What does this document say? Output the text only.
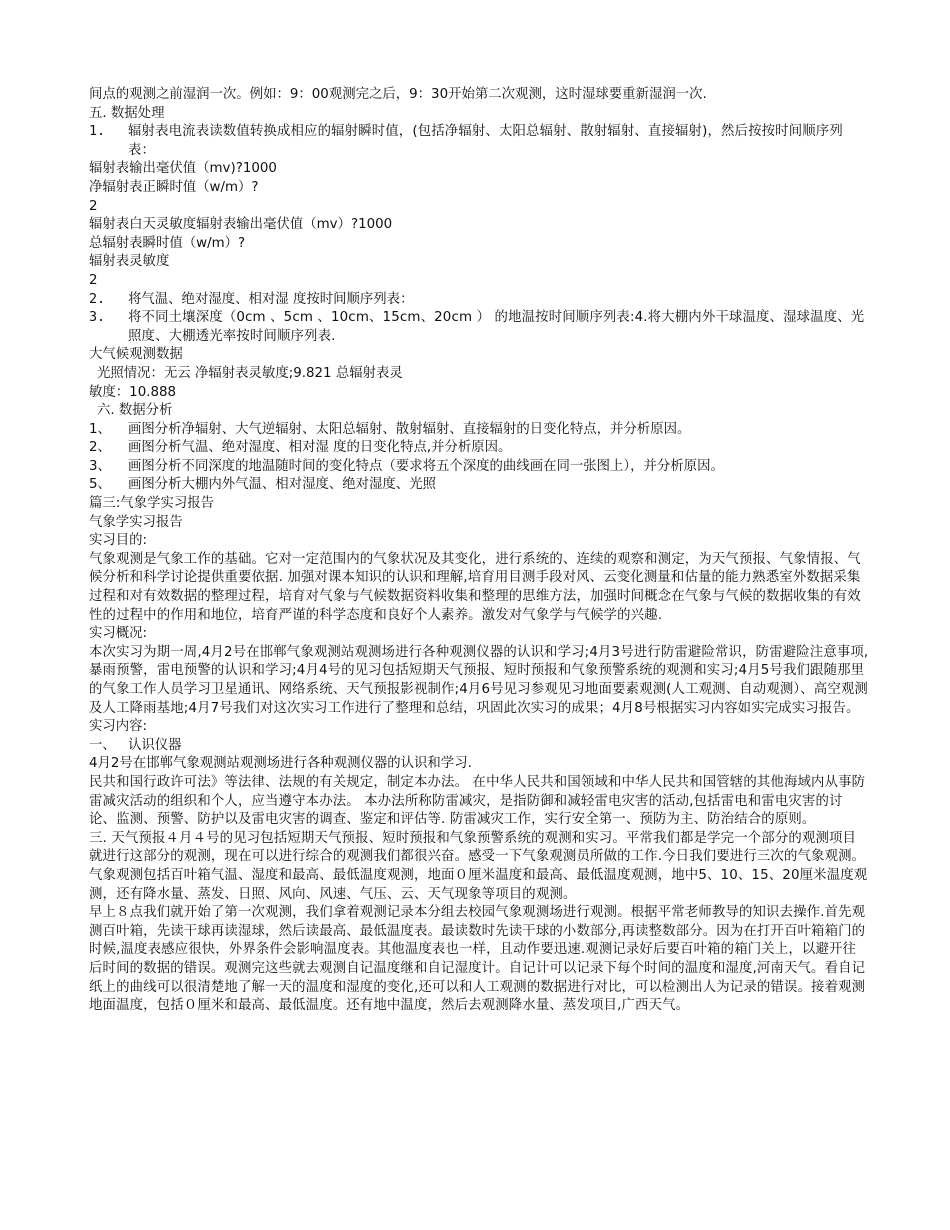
间点的观测之前湿润一次。例如：9：00观测完之后，9：30开始第二次观测，这时湿球要重新湿润一次.

五. 数据处理

1.	辐射表电流表读数值转换成相应的辐射瞬时值，(包括净辐射、太阳总辐射、散射辐射、直接辐射)，然后按按时间顺序列表：

辐射表输出毫伏值（mv)?1000

净辐射表正瞬时值（w/m）?

2

辐射表白天灵敏度辐射表输出毫伏值（mv）?1000

总辐射表瞬时值（w/m）?

辐射表灵敏度

2

2.	将气温、绝对湿度、相对湿 度按时间顺序列表：
3.	将不同土壤深度（0cm 、5cm 、10cm、15cm、20cm ） 的地温按时间顺序列表:4.将大棚内外干球温度、湿球温度、光照度、大棚透光率按时间顺序列表.

大气候观测数据

光照情况：无云 净辐射表灵敏度;9.821 总辐射表灵

敏度：10.888

六. 数据分析

1、	画图分析净辐射、大气逆辐射、太阳总辐射、散射辐射、直接辐射的日变化特点，并分析原因。
2、	画图分析气温、绝对湿度、相对湿 度的日变化特点,并分析原因。
3、	画图分析不同深度的地温随时间的变化特点（要求将五个深度的曲线画在同一张图上），并分析原因。
5、	画图分析大棚内外气温、相对湿度、绝对湿度、光照

篇三:气象学实习报告

气象学实习报告

实习目的:

气象观测是气象工作的基础。它对一定范围内的气象状况及其变化，进行系统的、连续的观察和测定，为天气预报、气象情报、气候分析和科学讨论提供重要依据. 加强对课本知识的认识和理解,培育用目测手段对风、云变化测量和估量的能力熟悉室外数据采集过程和对有效数据的整理过程，培育对气象与气候数据资料收集和整理的思维方法，加强时间概念在气象与气候的数据收集的有效性的过程中的作用和地位，培育严谨的科学态度和良好个人素养。激发对气象学与气候学的兴趣.

实习概况:

本次实习为期一周,4月2号在邯郸气象观测站观测场进行各种观测仪器的认识和学习;4月3号进行防雷避险常识，防雷避险注意事项,暴雨预警，雷电预警的认识和学习;4月4号的见习包括短期天气预报、短时预报和气象预警系统的观测和实习;4月5号我们跟随那里的气象工作人员学习卫星通讯、网络系统、天气预报影视制作;4月6号见习参观见习地面要素观测(人工观测、自动观测）、高空观测及人工降雨基地;4月7号我们对这次实习工作进行了整理和总结，巩固此次实习的成果；4月8号根据实习内容如实完成实习报告。

实习内容:

一、 认识仪器

4月2号在邯郸气象观测站观测场进行各种观测仪器的认识和学习.

民共和国行政许可法》等法律、法规的有关规定，制定本办法。 在中华人民共和国领域和中华人民共和国管辖的其他海域内从事防雷减灾活动的组织和个人，应当遵守本办法。 本办法所称防雷减灾，是指防御和减轻雷电灾害的活动,包括雷电和雷电灾害的讨论、监测、预警、防护以及雷电灾害的调查、鉴定和评估等. 防雷减灾工作，实行安全第一、预防为主、防治结合的原则。

三. 天气预报４月４号的见习包括短期天气预报、短时预报和气象预警系统的观测和实习。平常我们都是学完一个部分的观测项目就进行这部分的观测，现在可以进行综合的观测我们都很兴奋。感受一下气象观测员所做的工作.今日我们要进行三次的气象观测。气象观测包括百叶箱气温、湿度和最高、最低温度观测，地面０厘米温度和最高、最低温度观测，地中5、10、15、20厘米温度观测，还有降水量、蒸发、日照、风向、风速、气压、云、天气现象等项目的观测。

早上８点我们就开始了第一次观测，我们拿着观测记录本分组去校园气象观测场进行观测。根据平常老师教导的知识去操作.首先观测百叶箱，先读干球再读湿球，然后读最高、最低温度表。最读数时先读干球的小数部分,再读整数部分。因为在打开百叶箱箱门的时候,温度表感应很快，外界条件会影响温度表。其他温度表也一样，且动作要迅速.观测记录好后要百叶箱的箱门关上，以避开往后时间的数据的错误。观测完这些就去观测自记温度继和自记湿度计。自记计可以记录下每个时间的温度和湿度,河南天气。看自记纸上的曲线可以很清楚地了解一天的温度和湿度的变化,还可以和人工观测的数据进行对比，可以检测出人为记录的错误。接着观测地面温度，包括０厘米和最高、最低温度。还有地中温度，然后去观测降水量、蒸发项目,广西天气。
